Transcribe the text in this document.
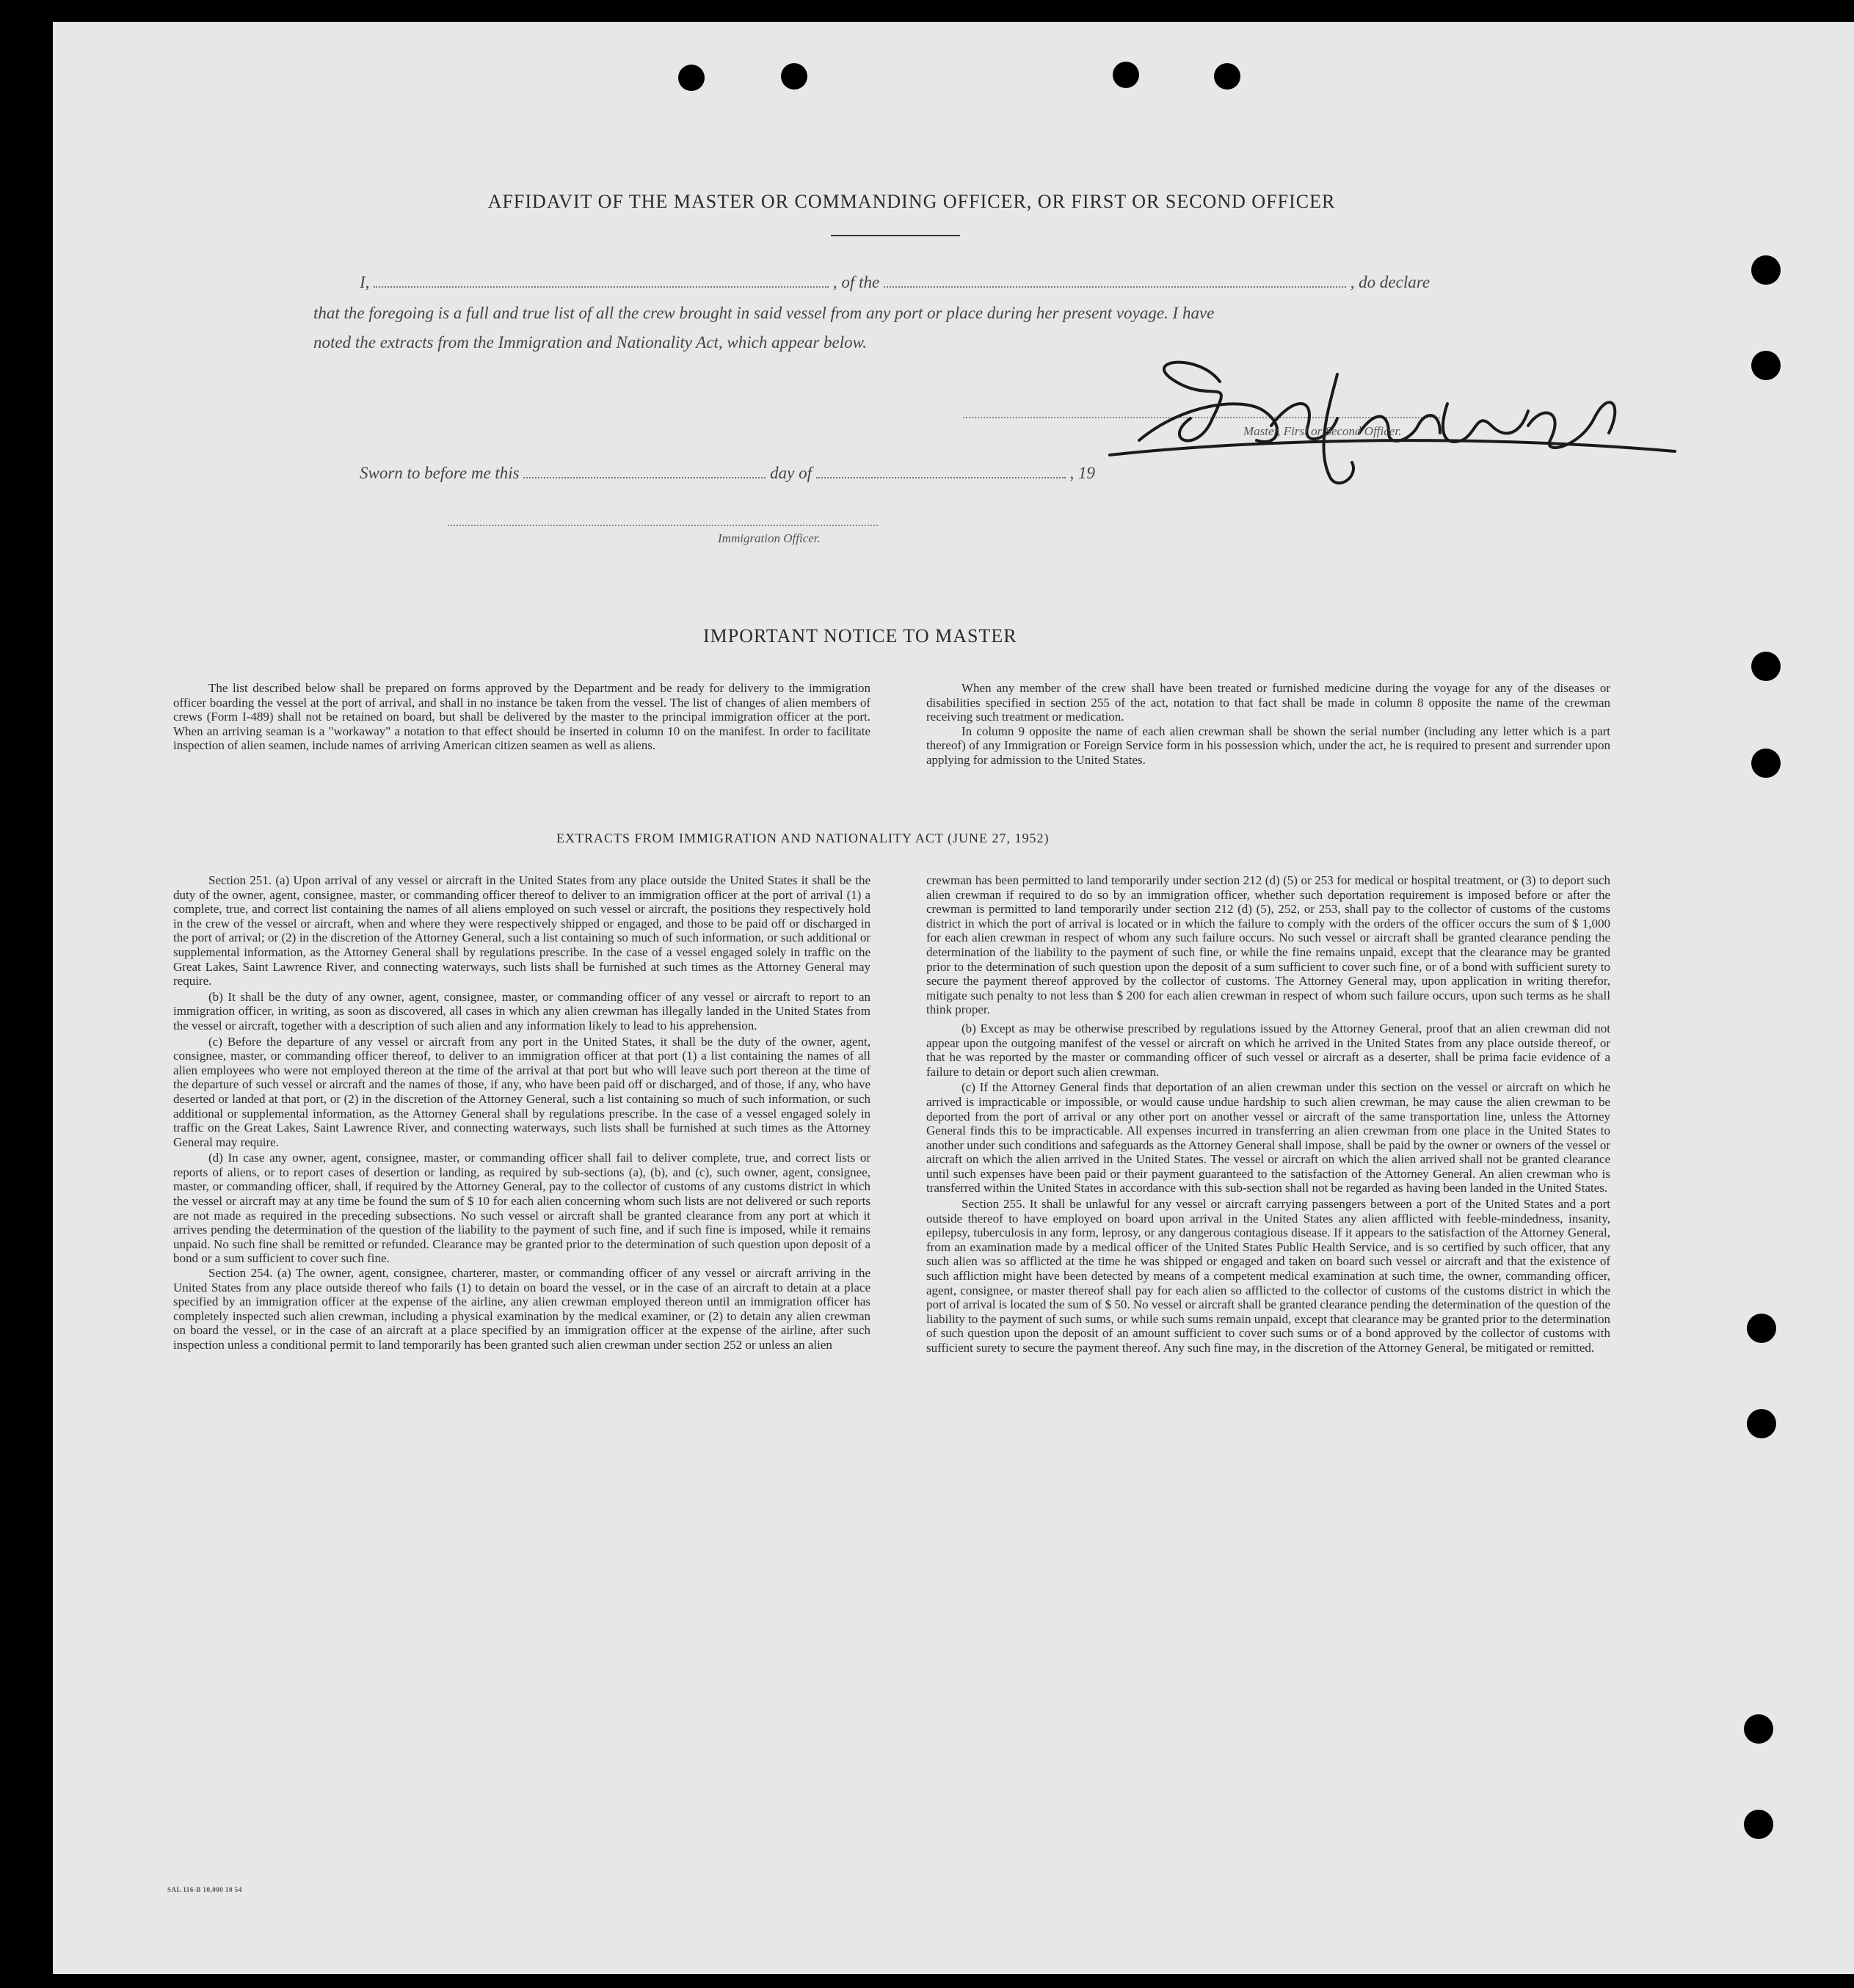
AFFIDAVIT OF THE MASTER OR COMMANDING OFFICER, OR FIRST OR SECOND OFFICER
I,	, of the	, do declare
that the foregoing is a full and true list of all the crew brought in said vessel from any port or place during her present voyage. I have
noted the extracts from the Immigration and Nationality Act, which appear below.
Master, First or Second Officer.
Sworn to before me this	day of	, 19
Immigration Officer.
IMPORTANT NOTICE TO MASTER

The list described below shall be prepared on forms approved by the Department and be ready for delivery to the immigration officer boarding the vessel at the port of arrival, and shall in no instance be taken from the vessel. The list of changes of alien members of crews (Form I-489) shall not be retained on board, but shall be delivered by the master to the principal immigration officer at the port. When an arriving seaman is a "workaway" a notation to that effect should be inserted in column 10 on the manifest. In order to facilitate inspection of alien seamen, include names of arriving American citizen seamen as well as aliens.

When any member of the crew shall have been treated or furnished medicine during the voyage for any of the diseases or disabilities specified in section 255 of the act, notation to that fact shall be made in column 8 opposite the name of the crewman receiving such treatment or medication.

In column 9 opposite the name of each alien crewman shall be shown the serial number (including any letter which is a part thereof) of any Immigration or Foreign Service form in his possession which, under the act, he is required to present and surrender upon applying for admission to the United States.

EXTRACTS FROM IMMIGRATION AND NATIONALITY ACT (JUNE 27, 1952)

Section 251. (a) Upon arrival of any vessel or aircraft in the United States from any place outside the United States it shall be the duty of the owner, agent, consignee, master, or commanding officer thereof to deliver to an immigration officer at the port of arrival (1) a complete, true, and correct list containing the names of all aliens employed on such vessel or aircraft, the positions they respectively hold in the crew of the vessel or aircraft, when and where they were respectively shipped or engaged, and those to be paid off or discharged in the port of arrival; or (2) in the discretion of the Attorney General, such a list containing so much of such information, or such additional or supplemental information, as the Attorney General shall by regulations prescribe. In the case of a vessel engaged solely in traffic on the Great Lakes, Saint Lawrence River, and connecting waterways, such lists shall be furnished at such times as the Attorney General may require.

(b) It shall be the duty of any owner, agent, consignee, master, or commanding officer of any vessel or aircraft to report to an immigration officer, in writing, as soon as discovered, all cases in which any alien crewman has illegally landed in the United States from the vessel or aircraft, together with a description of such alien and any information likely to lead to his apprehension.

(c) Before the departure of any vessel or aircraft from any port in the United States, it shall be the duty of the owner, agent, consignee, master, or commanding officer thereof, to deliver to an immigration officer at that port (1) a list containing the names of all alien employees who were not employed thereon at the time of the arrival at that port but who will leave such port thereon at the time of the departure of such vessel or aircraft and the names of those, if any, who have been paid off or discharged, and of those, if any, who have deserted or landed at that port, or (2) in the discretion of the Attorney General, such a list containing so much of such information, or such additional or supplemental information, as the Attorney General shall by regulations prescribe. In the case of a vessel engaged solely in traffic on the Great Lakes, Saint Lawrence River, and connecting waterways, such lists shall be furnished at such times as the Attorney General may require.

(d) In case any owner, agent, consignee, master, or commanding officer shall fail to deliver complete, true, and correct lists or reports of aliens, or to report cases of desertion or landing, as required by sub-sections (a), (b), and (c), such owner, agent, consignee, master, or commanding officer, shall, if required by the Attorney General, pay to the collector of customs of any customs district in which the vessel or aircraft may at any time be found the sum of $ 10 for each alien concerning whom such lists are not delivered or such reports are not made as required in the preceding subsections. No such vessel or aircraft shall be granted clearance from any port at which it arrives pending the determination of the question of the liability to the payment of such fine, and if such fine is imposed, while it remains unpaid. No such fine shall be remitted or refunded. Clearance may be granted prior to the determination of such question upon deposit of a bond or a sum sufficient to cover such fine.

Section 254. (a) The owner, agent, consignee, charterer, master, or commanding officer of any vessel or aircraft arriving in the United States from any place outside thereof who fails (1) to detain on board the vessel, or in the case of an aircraft to detain at a place specified by an immigration officer at the expense of the airline, any alien crewman employed thereon until an immigration officer has completely inspected such alien crewman, including a physical examination by the medical examiner, or (2) to detain any alien crewman on board the vessel, or in the case of an aircraft at a place specified by an immigration officer at the expense of the airline, after such inspection unless a conditional permit to land temporarily has been granted such alien crewman under section 252 or unless an alien

crewman has been permitted to land temporarily under section 212 (d) (5) or 253 for medical or hospital treatment, or (3) to deport such alien crewman if required to do so by an immigration officer, whether such deportation requirement is imposed before or after the crewman is permitted to land temporarily under section 212 (d) (5), 252, or 253, shall pay to the collector of customs of the customs district in which the port of arrival is located or in which the failure to comply with the orders of the officer occurs the sum of $ 1,000 for each alien crewman in respect of whom any such failure occurs. No such vessel or aircraft shall be granted clearance pending the determination of the liability to the payment of such fine, or while the fine remains unpaid, except that the clearance may be granted prior to the determination of such question upon the deposit of a sum sufficient to cover such fine, or of a bond with sufficient surety to secure the payment thereof approved by the collector of customs. The Attorney General may, upon application in writing therefor, mitigate such penalty to not less than $ 200 for each alien crewman in respect of whom such failure occurs, upon such terms as he shall think proper.

(b) Except as may be otherwise prescribed by regulations issued by the Attorney General, proof that an alien crewman did not appear upon the outgoing manifest of the vessel or aircraft on which he arrived in the United States from any place outside thereof, or that he was reported by the master or commanding officer of such vessel or aircraft as a deserter, shall be prima facie evidence of a failure to detain or deport such alien crewman.

(c) If the Attorney General finds that deportation of an alien crewman under this section on the vessel or aircraft on which he arrived is impracticable or impossible, or would cause undue hardship to such alien crewman, he may cause the alien crewman to be deported from the port of arrival or any other port on another vessel or aircraft of the same transportation line, unless the Attorney General finds this to be impracticable. All expenses incurred in transferring an alien crewman from one place in the United States to another under such conditions and safeguards as the Attorney General shall impose, shall be paid by the owner or owners of the vessel or aircraft on which the alien arrived in the United States. The vessel or aircraft on which the alien arrived shall not be granted clearance until such expenses have been paid or their payment guaranteed to the satisfaction of the Attorney General. An alien crewman who is transferred within the United States in accordance with this sub-section shall not be regarded as having been landed in the United States.

Section 255. It shall be unlawful for any vessel or aircraft carrying passengers between a port of the United States and a port outside thereof to have employed on board upon arrival in the United States any alien afflicted with feeble-mindedness, insanity, epilepsy, tuberculosis in any form, leprosy, or any dangerous contagious disease. If it appears to the satisfaction of the Attorney General, from an examination made by a medical officer of the United States Public Health Service, and is so certified by such officer, that any such alien was so afflicted at the time he was shipped or engaged and taken on board such vessel or aircraft and that the existence of such affliction might have been detected by means of a competent medical examination at such time, the owner, commanding officer, agent, consignee, or master thereof shall pay for each alien so afflicted to the collector of customs of the customs district in which the port of arrival is located the sum of $ 50. No vessel or aircraft shall be granted clearance pending the determination of the question of the liability to the payment of such sums, or while such sums remain unpaid, except that clearance may be granted prior to the determination of such question upon the deposit of an amount sufficient to cover such sums or of a bond approved by the collector of customs with sufficient surety to secure the payment thereof. Any such fine may, in the discretion of the Attorney General, be mitigated or remitted.

SAL 116-B 10,000 10 54
